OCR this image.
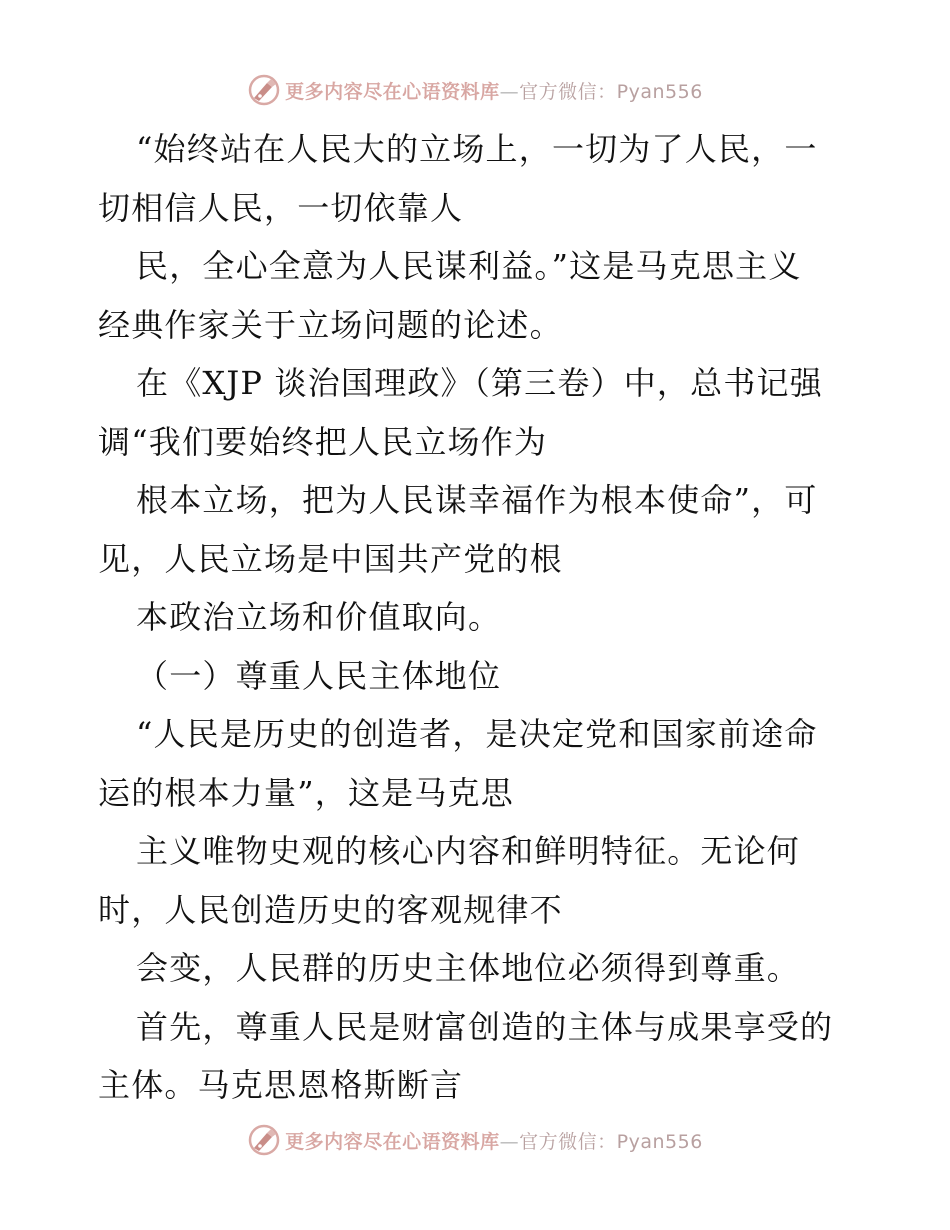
更多内容尽在心语资料库—官方微信：Pyan556
“始终站在人民大的立场上，一切为了人民，一
切相信人民，一切依靠人
民，全心全意为人民谋利益。”这是马克思主义
经典作家关于立场问题的论述。
在《XJP 谈治国理政》（第三卷）中，总书记强
调“我们要始终把人民立场作为
根本立场，把为人民谋幸福作为根本使命”，可
见，人民立场是中国共产党的根
本政治立场和价值取向。
（一）尊重人民主体地位
“人民是历史的创造者，是决定党和国家前途命
运的根本力量”，这是马克思
主义唯物史观的核心内容和鲜明特征。无论何
时，人民创造历史的客观规律不
会变，人民群的历史主体地位必须得到尊重。
首先，尊重人民是财富创造的主体与成果享受的
主体。马克思恩格斯断言
更多内容尽在心语资料库—官方微信：Pyan556
